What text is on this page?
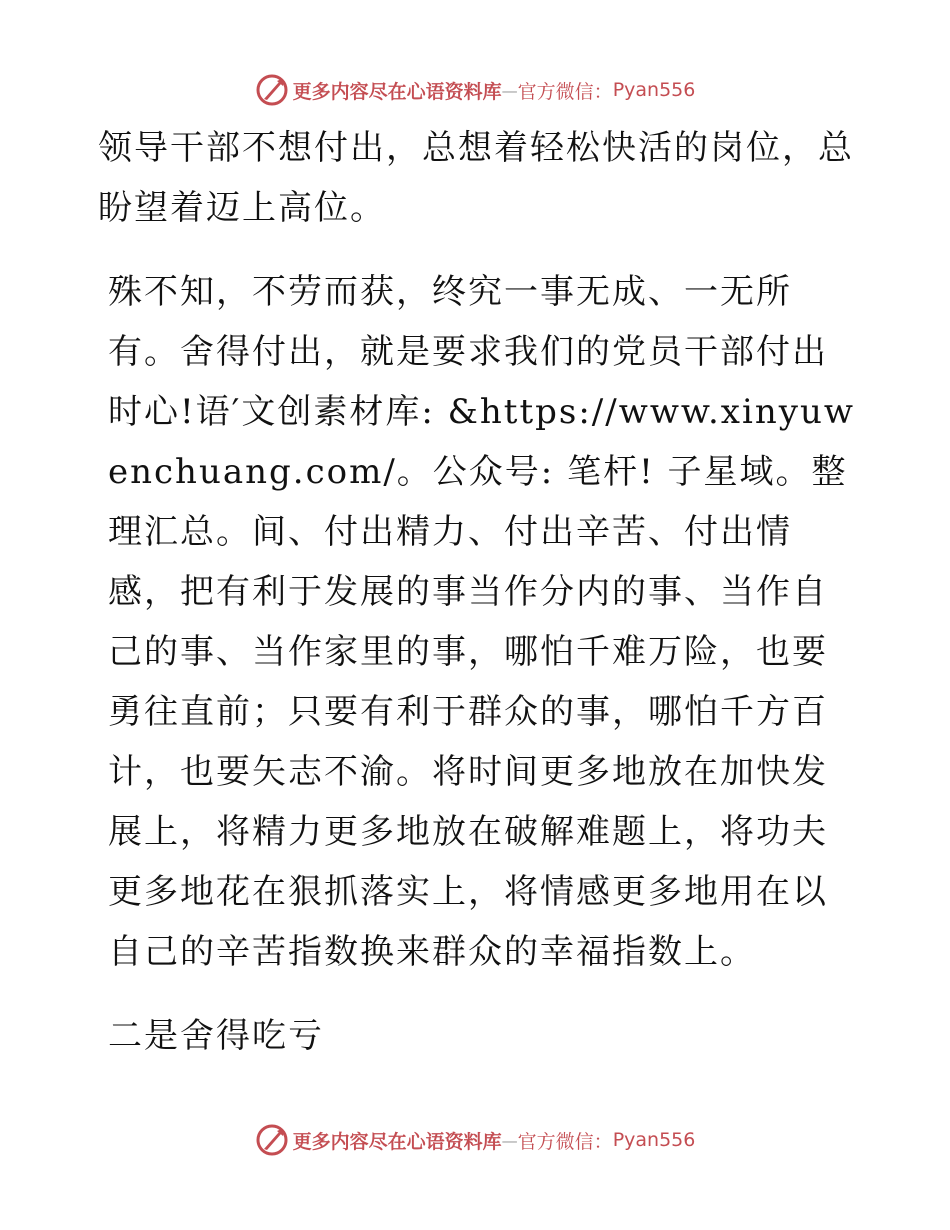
更多内容尽在心语资料库 — 官方微信： Pyan556

领导干部不想付出，总想着轻松快活的岗位，总盼望着迈上高位。

殊不知，不劳而获，终究一事无成、一无所有。舍得付出，就是要求我们的党员干部付出时心!语′文创素材库: &https://www.xinyuwenchuang.com/。公众号: 笔杆! 子星域。整理汇总。间、付出精力、付出辛苦、付出情感，把有利于发展的事当作分内的事、当作自己的事、当作家里的事，哪怕千难万险，也要勇往直前；只要有利于群众的事，哪怕千方百计，也要矢志不渝。将时间更多地放在加快发展上，将精力更多地放在破解难题上，将功夫更多地花在狠抓落实上，将情感更多地用在以自己的辛苦指数换来群众的幸福指数上。

二是舍得吃亏

更多内容尽在心语资料库 — 官方微信： Pyan556
